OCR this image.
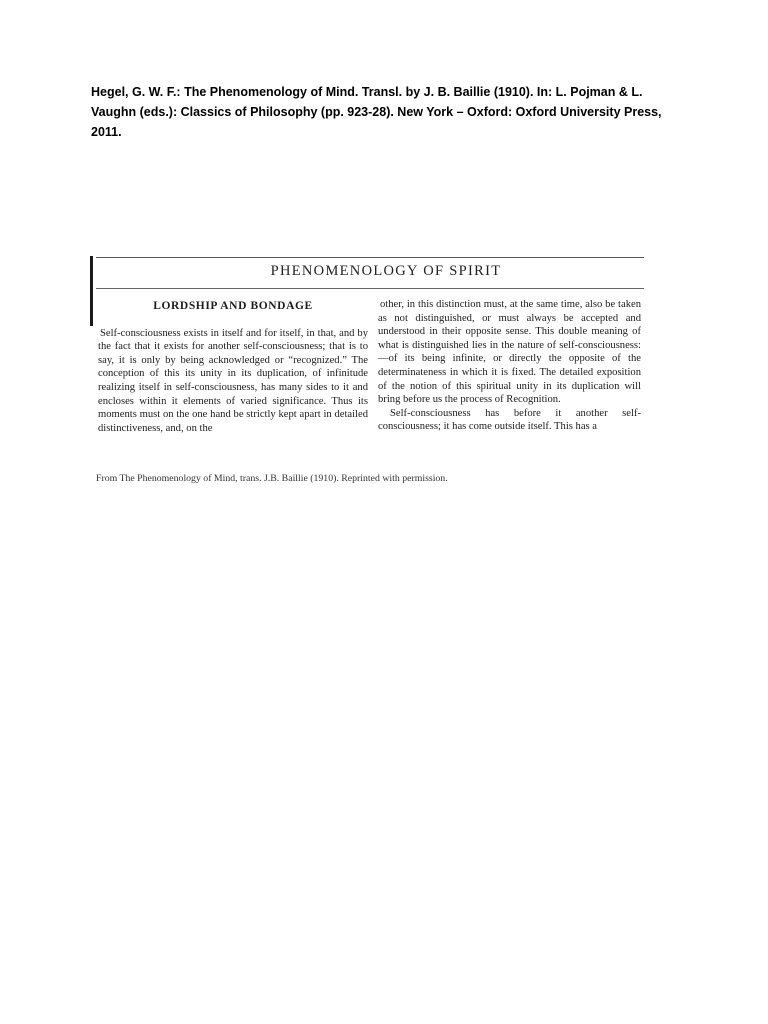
Hegel, G. W. F.: The Phenomenology of Mind. Transl. by J. B. Baillie (1910). In: L. Pojman & L. Vaughn (eds.): Classics of Philosophy (pp. 923-28). New York – Oxford: Oxford University Press, 2011.
PHENOMENOLOGY OF SPIRIT
LORDSHIP AND BONDAGE

Self-consciousness exists in itself and for itself, in that, and by the fact that it exists for another self-consciousness; that is to say, it is only by being acknowledged or “recognized.” The conception of this its unity in its duplication, of infinitude realizing itself in self-consciousness, has many sides to it and encloses within it elements of varied significance. Thus its moments must on the one hand be strictly kept apart in detailed distinctiveness, and, on the

other, in this distinction must, at the same time, also be taken as not distinguished, or must always be accepted and understood in their opposite sense. This double meaning of what is distinguished lies in the nature of self-consciousness:—of its being infinite, or directly the opposite of the determinateness in which it is fixed. The detailed exposition of the notion of this spiritual unity in its duplication will bring before us the process of Recognition.

Self-consciousness has before it another self-consciousness; it has come outside itself. This has a

From The Phenomenology of Mind, trans. J.B. Baillie (1910). Reprinted with permission.
